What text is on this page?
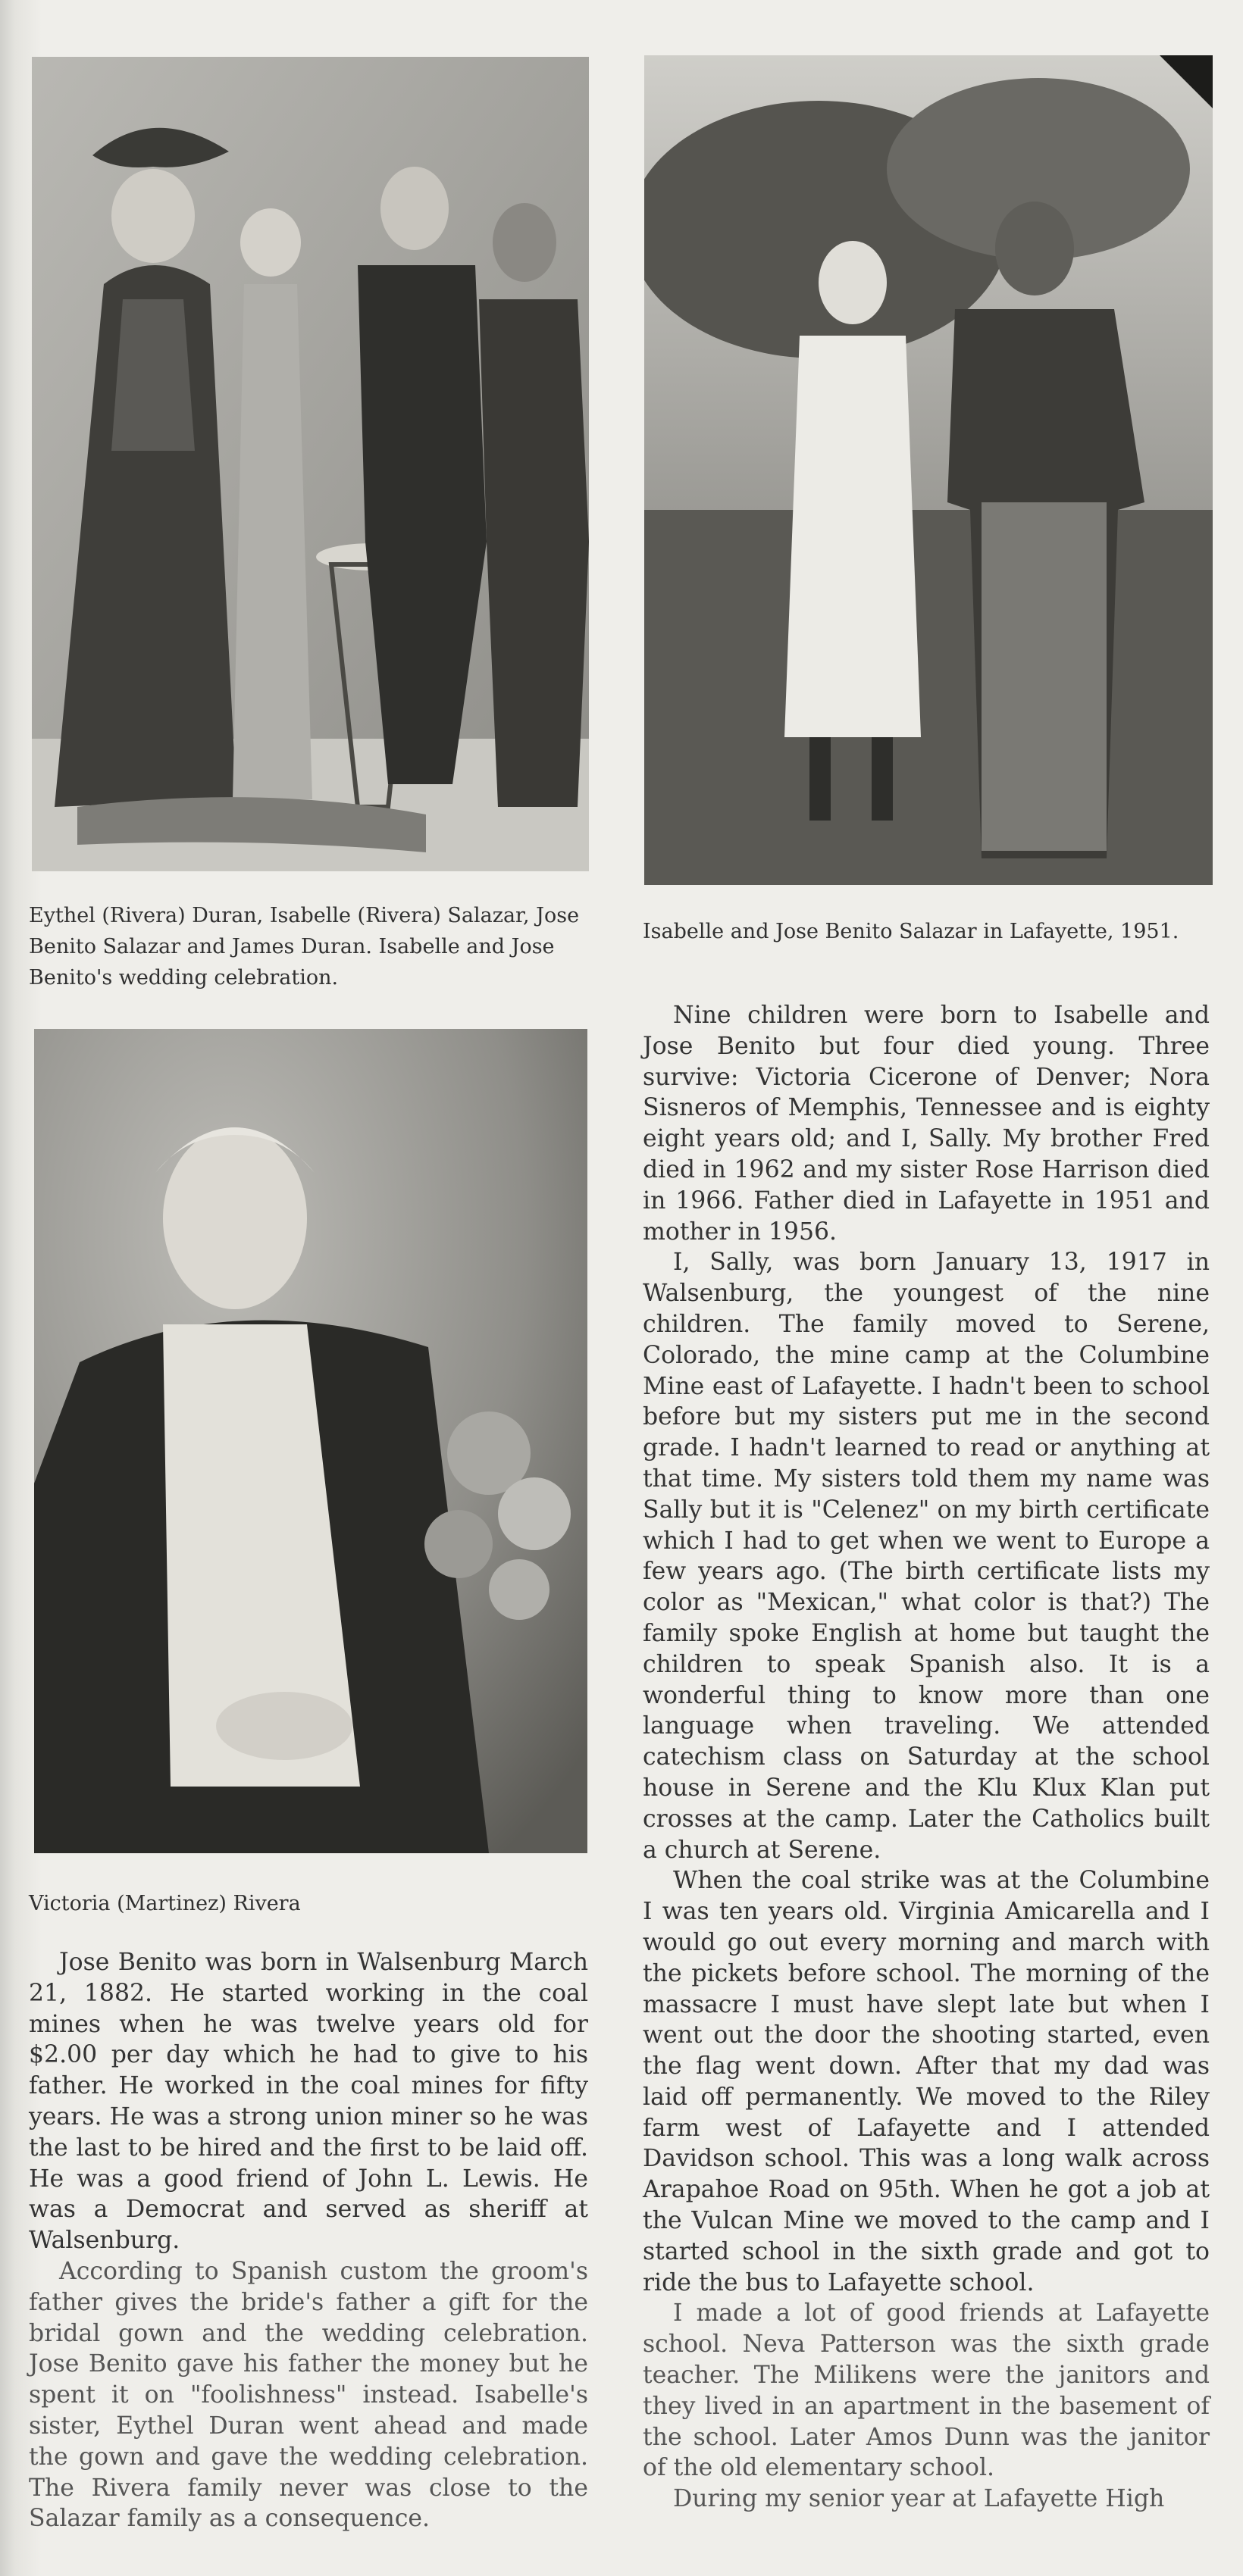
Eythel (Rivera) Duran, Isabelle (Rivera) Salazar, Jose Benito Salazar and James Duran. Isabelle and Jose Benito's wedding celebration.
Isabelle and Jose Benito Salazar in Lafayette, 1951.
Victoria (Martinez) Rivera

Jose Benito was born in Walsenburg March 21, 1882. He started working in the coal mines when he was twelve years old for $2.00 per day which he had to give to his father. He worked in the coal mines for fifty years. He was a strong union miner so he was the last to be hired and the first to be laid off. He was a good friend of John L. Lewis. He was a Democrat and served as sheriff at Walsenburg.

According to Spanish custom the groom's father gives the bride's father a gift for the bridal gown and the wedding celebration. Jose Benito gave his father the money but he spent it on "foolishness" instead. Isabelle's sister, Eythel Duran went ahead and made the gown and gave the wedding celebration. The Rivera family never was close to the Salazar family as a consequence.

Nine children were born to Isabelle and Jose Benito but four died young. Three survive: Victoria Cicerone of Denver; Nora Sisneros of Memphis, Tennessee and is eighty eight years old; and I, Sally. My brother Fred died in 1962 and my sister Rose Harrison died in 1966. Father died in Lafayette in 1951 and mother in 1956.

I, Sally, was born January 13, 1917 in Walsenburg, the youngest of the nine children. The family moved to Serene, Colorado, the mine camp at the Columbine Mine east of Lafayette. I hadn't been to school before but my sisters put me in the second grade. I hadn't learned to read or anything at that time. My sisters told them my name was Sally but it is "Celenez" on my birth certificate which I had to get when we went to Europe a few years ago. (The birth certificate lists my color as "Mexican," what color is that?) The family spoke English at home but taught the children to speak Spanish also. It is a wonderful thing to know more than one language when traveling. We attended catechism class on Saturday at the school house in Serene and the Klu Klux Klan put crosses at the camp. Later the Catholics built a church at Serene.

When the coal strike was at the Columbine I was ten years old. Virginia Amicarella and I would go out every morning and march with the pickets before school. The morning of the massacre I must have slept late but when I went out the door the shooting started, even the flag went down. After that my dad was laid off permanently. We moved to the Riley farm west of Lafayette and I attended Davidson school. This was a long walk across Arapahoe Road on 95th. When he got a job at the Vulcan Mine we moved to the camp and I started school in the sixth grade and got to ride the bus to Lafayette school.

I made a lot of good friends at Lafayette school. Neva Patterson was the sixth grade teacher. The Milikens were the janitors and they lived in an apartment in the basement of the school. Later Amos Dunn was the janitor of the old elementary school.

During my senior year at Lafayette High
